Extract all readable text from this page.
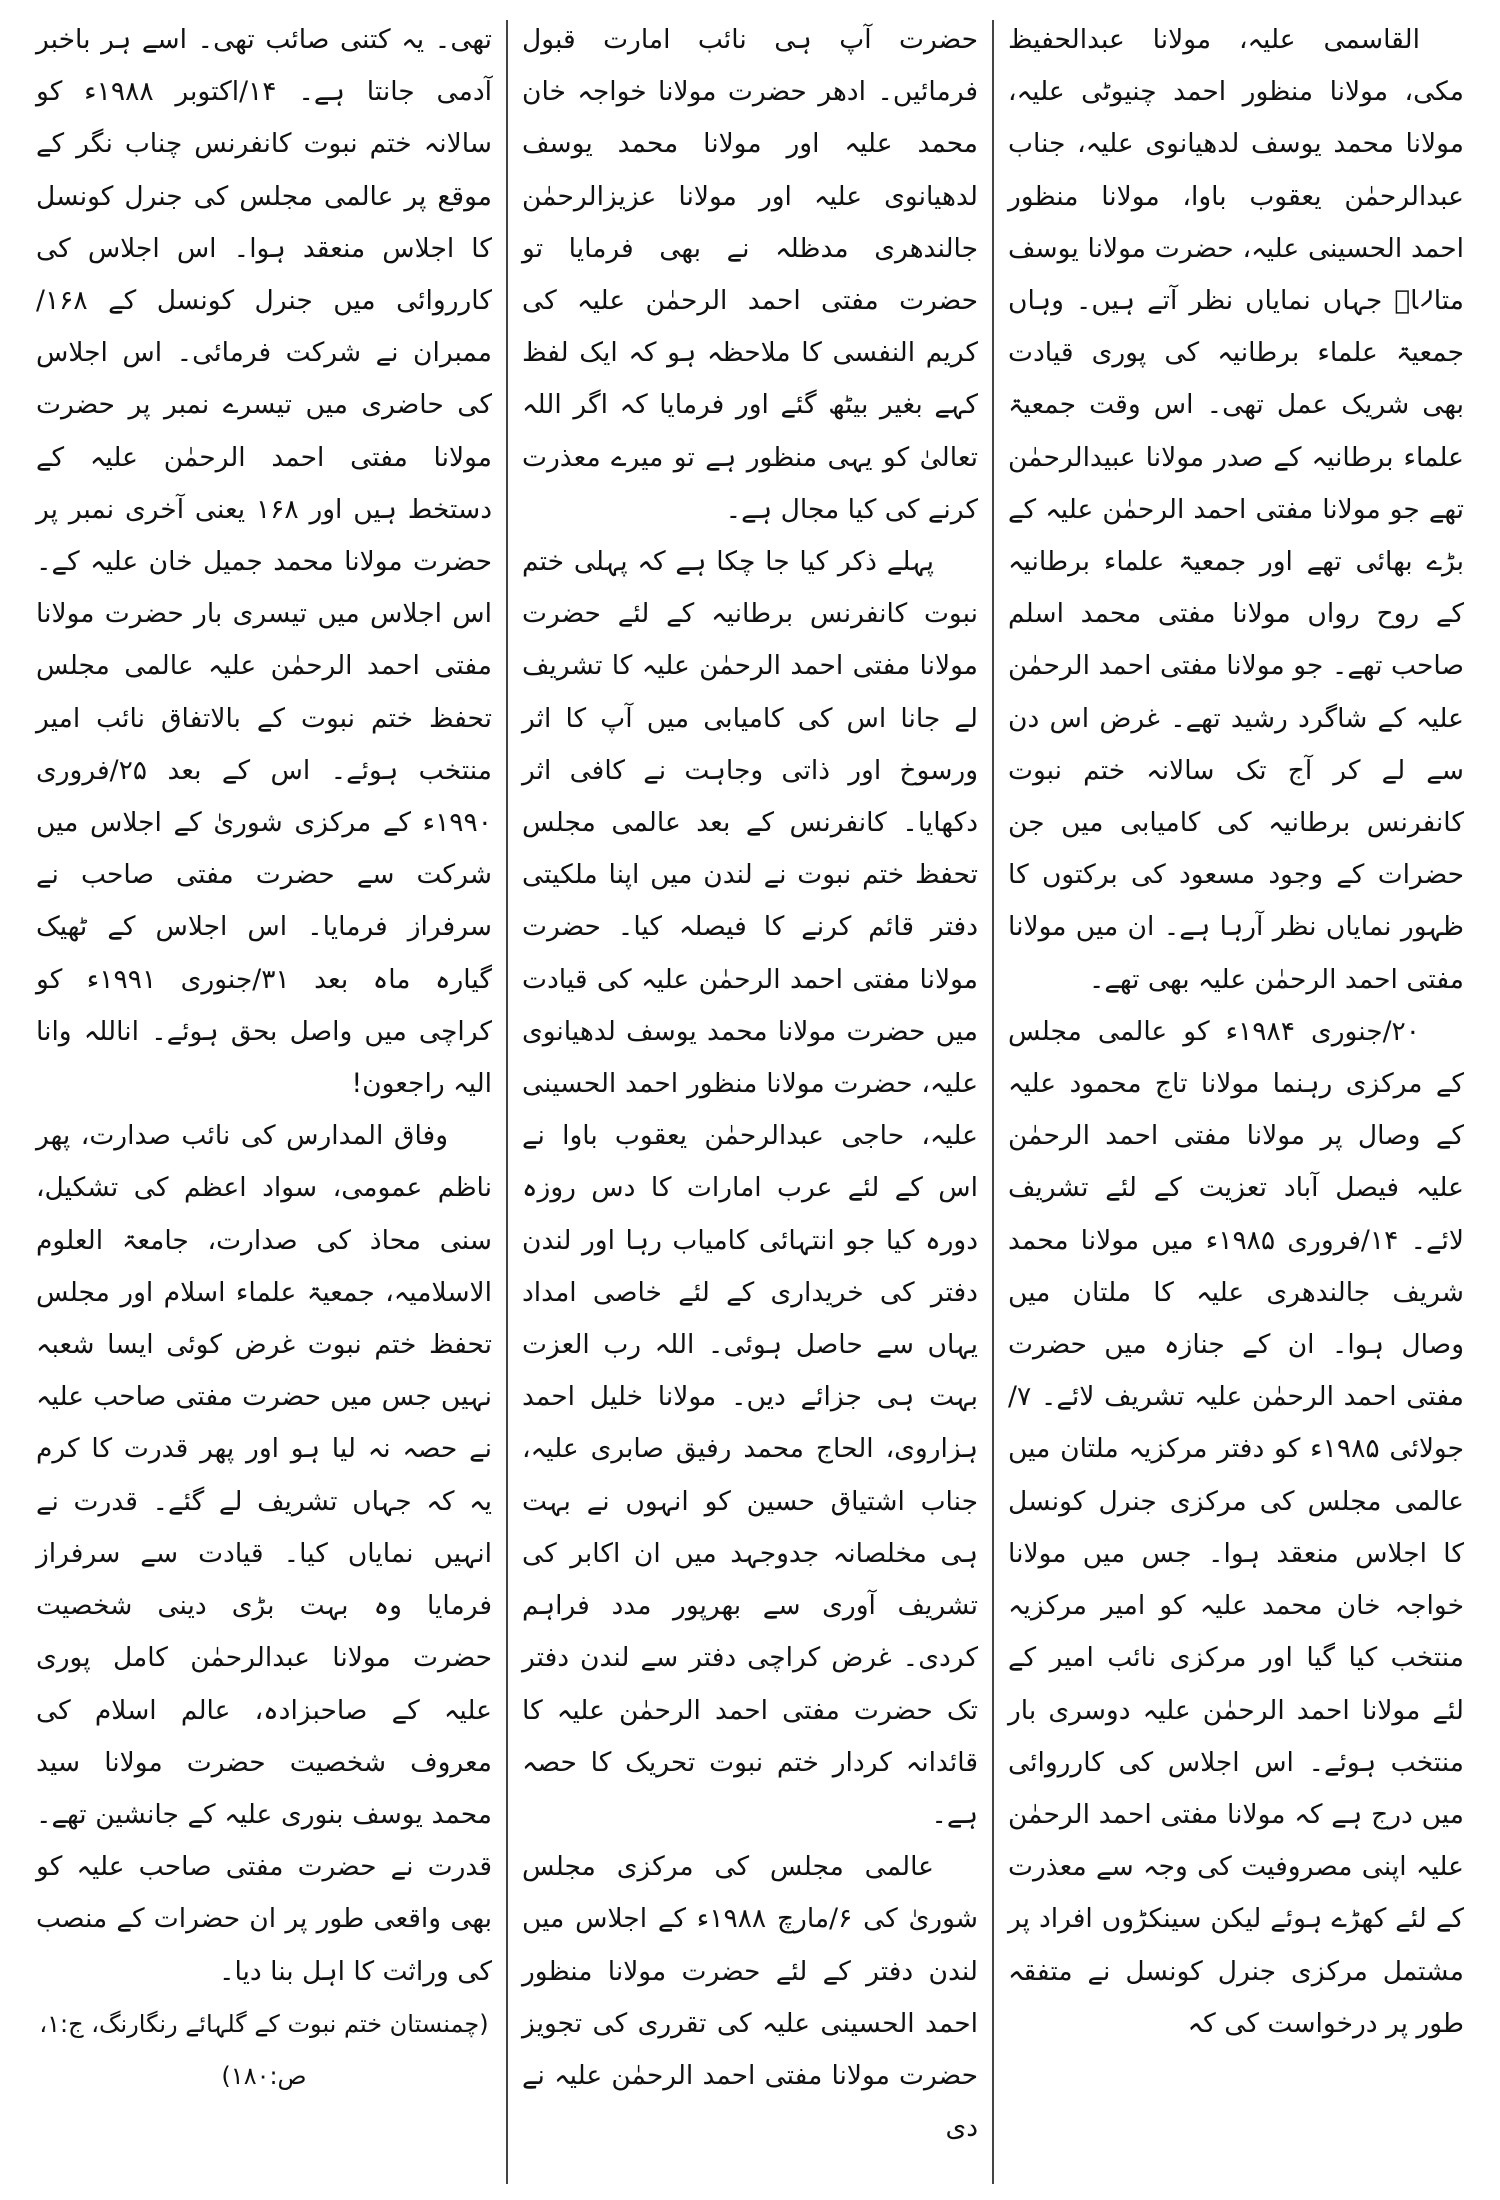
القاسمی علیہ، مولانا عبدالحفیظ مکی، مولانا منظور احمد چنیوٹی علیہ، مولانا محمد یوسف لدھیانوی علیہ، جناب عبدالرحمٰن یعقوب باوا، مولانا منظور احمد الحسینی علیہ، حضرت مولانا یوسف متالاؒ جہاں نمایاں نظر آتے ہیں۔ وہاں جمعیۃ علماء برطانیہ کی پوری قیادت بھی شریک عمل تھی۔ اس وقت جمعیۃ علماء برطانیہ کے صدر مولانا عبیدالرحمٰن تھے جو مولانا مفتی احمد الرحمٰن علیہ کے بڑے بھائی تھے اور جمعیۃ علماء برطانیہ کے روح رواں مولانا مفتی محمد اسلم صاحب تھے۔ جو مولانا مفتی احمد الرحمٰن علیہ کے شاگرد رشید تھے۔ غرض اس دن سے لے کر آج تک سالانہ ختم نبوت کانفرنس برطانیہ کی کامیابی میں جن حضرات کے وجود مسعود کی برکتوں کا ظہور نمایاں نظر آرہا ہے۔ ان میں مولانا مفتی احمد الرحمٰن علیہ بھی تھے۔

۲۰/جنوری ۱۹۸۴ء کو عالمی مجلس کے مرکزی رہنما مولانا تاج محمود علیہ کے وصال پر مولانا مفتی احمد الرحمٰن علیہ فیصل آباد تعزیت کے لئے تشریف لائے۔ ۱۴/فروری ۱۹۸۵ء میں مولانا محمد شریف جالندھری علیہ کا ملتان میں وصال ہوا۔ ان کے جنازہ میں حضرت مفتی احمد الرحمٰن علیہ تشریف لائے۔ ۷/جولائی ۱۹۸۵ء کو دفتر مرکزیہ ملتان میں عالمی مجلس کی مرکزی جنرل کونسل کا اجلاس منعقد ہوا۔ جس میں مولانا خواجہ خان محمد علیہ کو امیر مرکزیہ منتخب کیا گیا اور مرکزی نائب امیر کے لئے مولانا احمد الرحمٰن علیہ دوسری بار منتخب ہوئے۔ اس اجلاس کی کارروائی میں درج ہے کہ مولانا مفتی احمد الرحمٰن علیہ اپنی مصروفیت کی وجہ سے معذرت کے لئے کھڑے ہوئے لیکن سینکڑوں افراد پر مشتمل مرکزی جنرل کونسل نے متفقہ طور پر درخواست کی کہ

حضرت آپ ہی نائب امارت قبول فرمائیں۔ ادھر حضرت مولانا خواجہ خان محمد علیہ اور مولانا محمد یوسف لدھیانوی علیہ اور مولانا عزیزالرحمٰن جالندھری مدظلہ نے بھی فرمایا تو حضرت مفتی احمد الرحمٰن علیہ کی کریم النفسی کا ملاحظہ ہو کہ ایک لفظ کہے بغیر بیٹھ گئے اور فرمایا کہ اگر اللہ تعالیٰ کو یہی منظور ہے تو میرے معذرت کرنے کی کیا مجال ہے۔

پہلے ذکر کیا جا چکا ہے کہ پہلی ختم نبوت کانفرنس برطانیہ کے لئے حضرت مولانا مفتی احمد الرحمٰن علیہ کا تشریف لے جانا اس کی کامیابی میں آپ کا اثر ورسوخ اور ذاتی وجاہت نے کافی اثر دکھایا۔ کانفرنس کے بعد عالمی مجلس تحفظ ختم نبوت نے لندن میں اپنا ملکیتی دفتر قائم کرنے کا فیصلہ کیا۔ حضرت مولانا مفتی احمد الرحمٰن علیہ کی قیادت میں حضرت مولانا محمد یوسف لدھیانوی علیہ، حضرت مولانا منظور احمد الحسینی علیہ، حاجی عبدالرحمٰن یعقوب باوا نے اس کے لئے عرب امارات کا دس روزہ دورہ کیا جو انتہائی کامیاب رہا اور لندن دفتر کی خریداری کے لئے خاصی امداد یہاں سے حاصل ہوئی۔ اللہ رب العزت بہت ہی جزائے دیں۔ مولانا خلیل احمد ہزاروی، الحاج محمد رفیق صابری علیہ، جناب اشتیاق حسین کو انہوں نے بہت ہی مخلصانہ جدوجہد میں ان اکابر کی تشریف آوری سے بھرپور مدد فراہم کردی۔ غرض کراچی دفتر سے لندن دفتر تک حضرت مفتی احمد الرحمٰن علیہ کا قائدانہ کردار ختم نبوت تحریک کا حصہ ہے۔

عالمی مجلس کی مرکزی مجلس شوریٰ کی ۶/مارچ ۱۹۸۸ء کے اجلاس میں لندن دفتر کے لئے حضرت مولانا منظور احمد الحسینی علیہ کی تقرری کی تجویز حضرت مولانا مفتی احمد الرحمٰن علیہ نے دی

تھی۔ یہ کتنی صائب تھی۔ اسے ہر باخبر آدمی جانتا ہے۔ ۱۴/اکتوبر ۱۹۸۸ء کو سالانہ ختم نبوت کانفرنس چناب نگر کے موقع پر عالمی مجلس کی جنرل کونسل کا اجلاس منعقد ہوا۔ اس اجلاس کی کارروائی میں جنرل کونسل کے ۱۶۸/ممبران نے شرکت فرمائی۔ اس اجلاس کی حاضری میں تیسرے نمبر پر حضرت مولانا مفتی احمد الرحمٰن علیہ کے دستخط ہیں اور ۱۶۸ یعنی آخری نمبر پر حضرت مولانا محمد جمیل خان علیہ کے۔ اس اجلاس میں تیسری بار حضرت مولانا مفتی احمد الرحمٰن علیہ عالمی مجلس تحفظ ختم نبوت کے بالاتفاق نائب امیر منتخب ہوئے۔ اس کے بعد ۲۵/فروری ۱۹۹۰ء کے مرکزی شوریٰ کے اجلاس میں شرکت سے حضرت مفتی صاحب نے سرفراز فرمایا۔ اس اجلاس کے ٹھیک گیارہ ماہ بعد ۳۱/جنوری ۱۹۹۱ء کو کراچی میں واصل بحق ہوئے۔ اناللہ وانا الیہ راجعون!

وفاق المدارس کی نائب صدارت، پھر ناظم عمومی، سواد اعظم کی تشکیل، سنی محاذ کی صدارت، جامعۃ العلوم الاسلامیہ، جمعیۃ علماء اسلام اور مجلس تحفظ ختم نبوت غرض کوئی ایسا شعبہ نہیں جس میں حضرت مفتی صاحب علیہ نے حصہ نہ لیا ہو اور پھر قدرت کا کرم یہ کہ جہاں تشریف لے گئے۔ قدرت نے انہیں نمایاں کیا۔ قیادت سے سرفراز فرمایا وہ بہت بڑی دینی شخصیت حضرت مولانا عبدالرحمٰن کامل پوری علیہ کے صاحبزادہ، عالم اسلام کی معروف شخصیت حضرت مولانا سید محمد یوسف بنوری علیہ کے جانشین تھے۔ قدرت نے حضرت مفتی صاحب علیہ کو بھی واقعی طور پر ان حضرات کے منصب کی وراثت کا اہل بنا دیا۔

(چمنستان ختم نبوت کے گلہائے رنگارنگ، ج:۱، ص:۱۸۰)
